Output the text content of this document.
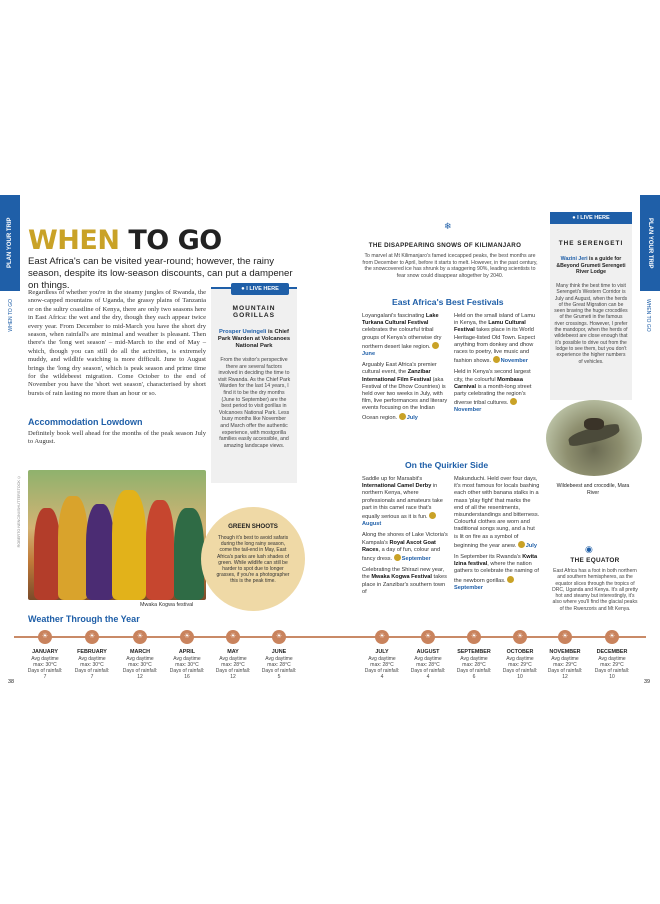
PLAN YOUR TRIP
WHEN TO GO
WHEN TO GO
East Africa's can be visited year-round; however, the rainy season, despite its low-season discounts, can put a dampener on things.
Regardless of whether you're in the steamy jungles of Rwanda, the snow-capped mountains of Uganda, the grassy plains of Tanzania or on the sultry coastline of Kenya, there are only two seasons here in East Africa: the wet and the dry, though they each appear twice every year. From December to mid-March you have the short dry season, when rainfall's are minimal and weather is pleasant. Then there's the 'long wet season' – mid-March to the end of May – which, though you can still do all the activities, is extremely muddy, and wildlife watching is more difficult. June to August brings the 'long dry season', which is peak season and prime time for the wildebeest migration. Come October to the end of November you have the 'short wet season', characterised by short bursts of rain lasting no more than an hour or so.
Accommodation Lowdown
Definitely book well ahead for the months of the peak season July to August.
● I LIVE HERE
MOUNTAIN GORILLAS
Prosper Uwingeli is Chief Park Warden at Volcanoes National Park
From the visitor's perspective there are several factors involved in deciding the time to visit Rwanda. As the Chief Park Warden for the last 14 years, I find it to be the dry months (June to September) are the best period to visit gorillas in Volcanoes National Park. Less busy months like November and March offer the authentic experience, with mostgorilla families easily accessible, and amazing landscape views.
ROBERTO NENCINI/SHUTTERSTOCK ©
Mwaka Kogwa festival
GREEN SHOOTS
Though it's best to avoid safaris during the long rainy season, come the tail-end in May, East Africa's parks are lush shades of green. While wildlife can still be harder to spot due to longer grasses, if you're a photographer this is the peak time.
38
PLAN YOUR TRIP
WHEN TO GO
❄
THE DISAPPEARING SNOWS OF KILIMANJARO
To marvel at Mt Kilimanjaro's famed icecapped peaks, the best months are from December to April, before it starts to melt. However, in the past century, the snowcovered ice has shrunk by a staggering 90%, leading scientists to fear snow could disappear altogether by 2040.
East Africa's Best Festivals

Loyangalani's fascinating Lake Turkana Cultural Festival celebrates the colourful tribal groups of Kenya's otherwise dry northern desert lake region. June

Arguably East Africa's premier cultural event, the Zanzibar International Film Festival (aka Festival of the Dhow Countries) is held over two weeks in July, with film, live performances and literary events focusing on the Indian Ocean region. July

Held on the small island of Lamu in Kenya, the Lamu Cultural Festival takes place in its World Heritage-listed Old Town. Expect anything from donkey and dhow races to poetry, live music and fashion shows. November

Held in Kenya's second largest city, the colourful Mombasa Carnival is a month-long street party celebrating the region's diverse tribal cultures. November

On the Quirkier Side

Saddle up for Marsabit's International Camel Derby in northern Kenya, where professionals and amateurs take part in this camel race that's equally serious as it is fun. August

Along the shores of Lake Victoria's Kampala's Royal Ascot Goat Races, a day of fun, colour and fancy dress. September

Celebrating the Shirazi new year, the Mwaka Kogwa Festival takes place in Zanzibar's southern town of

Makunduchi. Held over four days, it's most famous for locals bashing each other with banana stalks in a mass 'play fight' that marks the end of all the resentments, misunderstandings and bitterness. Colourful clothes are worn and traditional songs sung, and a hut is lit on fire as a symbol of beginning the year anew. July

In September its Rwanda's Kwita Izina festival, where the nation gathers to celebrate the naming of the newborn gorillas. September

● I LIVE HERE
THE SERENGETI
Wazini Jeri is a guide for &Beyond Grumeti Serengeti River Lodge
Many think the best time to visit Serengeti's Western Corridor is July and August, when the herds of the Great Migration can be seen braving the huge crocodiles of the Grumeti in the famous river crossings. However, I prefer the mandopor, when the herds of wildebeest are close enough that it's possible to drive out from the lodge to see them, but you don't experience the higher numbers of vehicles.
Wildebeest and crocodile, Mara River
◉
THE EQUATOR
East Africa has a foot in both northern and southern hemispheres, as the equator slices through the tropics of DRC, Uganda and Kenya. It's all pretty hot and steamy but interestingly, it's also where you'll find the glacial peaks of the Rwenzoris and Mt Kenya.
39
Weather Through the Year
☀
JANUARY
Avg daytime
max: 30°C
Days of rainfall:
7
☀
FEBRUARY
Avg daytime
max: 30°C
Days of rainfall:
7
☀
MARCH
Avg daytime
max: 30°C
Days of rainfall:
12
☀
APRIL
Avg daytime
max: 30°C
Days of rainfall:
16
☀
MAY
Avg daytime
max: 28°C
Days of rainfall:
12
☀
JUNE
Avg daytime
max: 28°C
Days of rainfall:
5
☀
JULY
Avg daytime
max: 28°C
Days of rainfall:
4
☀
AUGUST
Avg daytime
max: 28°C
Days of rainfall:
4
☀
SEPTEMBER
Avg daytime
max: 28°C
Days of rainfall:
6
☀
OCTOBER
Avg daytime
max: 29°C
Days of rainfall:
10
☀
NOVEMBER
Avg daytime
max: 29°C
Days of rainfall:
12
☀
DECEMBER
Avg daytime
max: 29°C
Days of rainfall:
10
